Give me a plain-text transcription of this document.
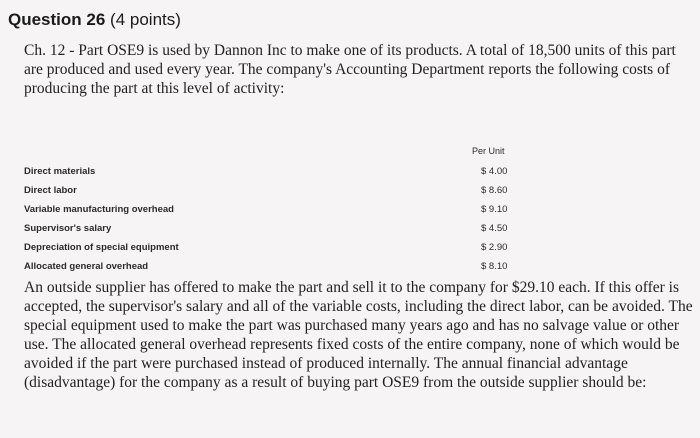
Question 26 (4 points)
Ch. 12 - Part OSE9 is used by Dannon Inc to make one of its products. A total of 18,500 units of this part are produced and used every year. The company's Accounting Department reports the following costs of producing the part at this level of activity:
Per Unit
Direct materials	$ 4.00
Direct labor	$ 8.60
Variable manufacturing overhead	$ 9.10
Supervisor's salary	$ 4.50
Depreciation of special equipment	$ 2.90
Allocated general overhead	$ 8.10
An outside supplier has offered to make the part and sell it to the company for $29.10 each. If this offer is accepted, the supervisor's salary and all of the variable costs, including the direct labor, can be avoided. The special equipment used to make the part was purchased many years ago and has no salvage value or other use. The allocated general overhead represents fixed costs of the entire company, none of which would be avoided if the part were purchased instead of produced internally. The annual financial advantage (disadvantage) for the company as a result of buying part OSE9 from the outside supplier should be:
